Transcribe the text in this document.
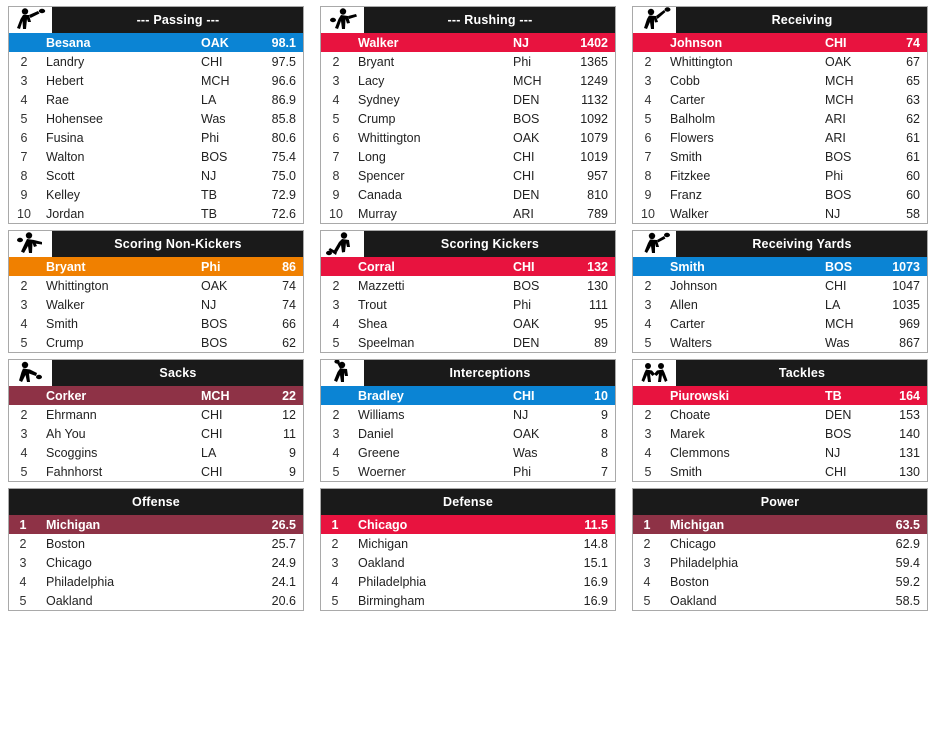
--- Passing ---
	Besana	OAK	98.1
2	Landry	CHI	97.5
3	Hebert	MCH	96.6
4	Rae	LA	86.9
5	Hohensee	Was	85.8
6	Fusina	Phi	80.6
7	Walton	BOS	75.4
8	Scott	NJ	75.0
9	Kelley	TB	72.9
10	Jordan	TB	72.6
--- Rushing ---
	Walker	NJ	1402
2	Bryant	Phi	1365
3	Lacy	MCH	1249
4	Sydney	DEN	1132
5	Crump	BOS	1092
6	Whittington	OAK	1079
7	Long	CHI	1019
8	Spencer	CHI	957
9	Canada	DEN	810
10	Murray	ARI	789
Receiving
	Johnson	CHI	74
2	Whittington	OAK	67
3	Cobb	MCH	65
4	Carter	MCH	63
5	Balholm	ARI	62
6	Flowers	ARI	61
7	Smith	BOS	61
8	Fitzkee	Phi	60
9	Franz	BOS	60
10	Walker	NJ	58
Scoring Non-Kickers
	Bryant	Phi	86
2	Whittington	OAK	74
3	Walker	NJ	74
4	Smith	BOS	66
5	Crump	BOS	62
Scoring Kickers
	Corral	CHI	132
2	Mazzetti	BOS	130
3	Trout	Phi	111
4	Shea	OAK	95
5	Speelman	DEN	89
Receiving Yards
	Smith	BOS	1073
2	Johnson	CHI	1047
3	Allen	LA	1035
4	Carter	MCH	969
5	Walters	Was	867
Sacks
	Corker	MCH	22
2	Ehrmann	CHI	12
3	Ah You	CHI	11
4	Scoggins	LA	9
5	Fahnhorst	CHI	9
Interceptions
	Bradley	CHI	10
2	Williams	NJ	9
3	Daniel	OAK	8
4	Greene	Was	8
5	Woerner	Phi	7
Tackles
	Piurowski	TB	164
2	Choate	DEN	153
3	Marek	BOS	140
4	Clemmons	NJ	131
5	Smith	CHI	130
Offense
1	Michigan	26.5
2	Boston	25.7
3	Chicago	24.9
4	Philadelphia	24.1
5	Oakland	20.6
Defense
1	Chicago	11.5
2	Michigan	14.8
3	Oakland	15.1
4	Philadelphia	16.9
5	Birmingham	16.9
Power
1	Michigan	63.5
2	Chicago	62.9
3	Philadelphia	59.4
4	Boston	59.2
5	Oakland	58.5
